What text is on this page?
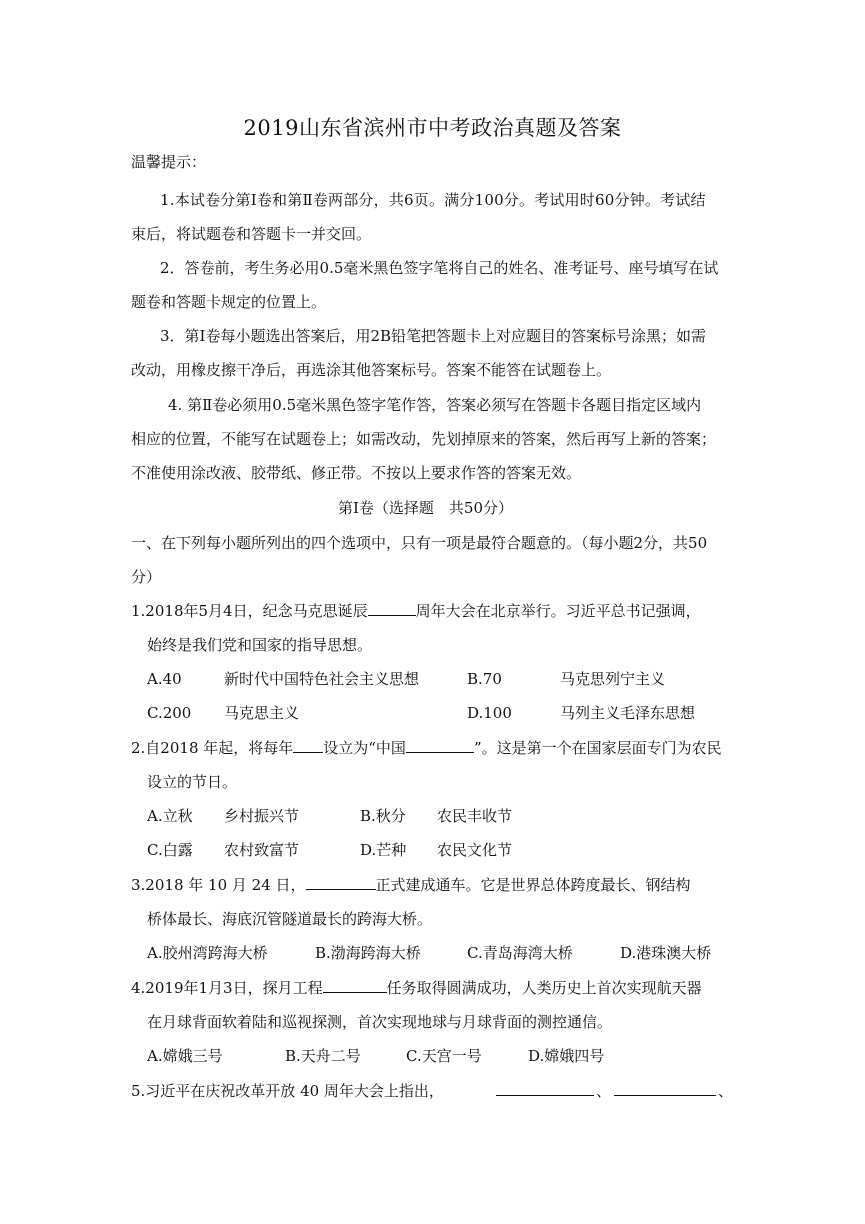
2019山东省滨州市中考政治真题及答案
温馨提示：
1.本试卷分第Ⅰ卷和第Ⅱ卷两部分，共6页。满分100分。考试用时60分钟。考试结
束后，将试题卷和答题卡一并交回。
2．答卷前，考生务必用0.5毫米黑色签字笔将自己的姓名、准考证号、座号填写在试
题卷和答题卡规定的位置上。
3．第Ⅰ卷每小题选出答案后，用2B铅笔把答题卡上对应题目的答案标号涂黑；如需
改动，用橡皮擦干净后，再选涂其他答案标号。答案不能答在试题卷上。
4. 第Ⅱ卷必须用0.5毫米黑色签字笔作答，答案必须写在答题卡各题目指定区域内
相应的位置，不能写在试题卷上；如需改动，先划掉原来的答案，然后再写上新的答案；
不准使用涂改液、胶带纸、修正带。不按以上要求作答的答案无效。
第Ⅰ卷（选择题　共50分）
一、在下列每小题所列出的四个选项中，只有一项是最符合题意的。（每小题2分，共50
分）
1.2018年5月4日，纪念马克思诞辰	周年大会在北京举行。习近平总书记强调，
始终是我们党和国家的指导思想。
A.40	新时代中国特色社会主义思想	B.70	马克思列宁主义
C.200 马克思主义	D.100	马列主义毛泽东思想
2.自2018 年起，将每年 设立为“中国	”。这是第一个在国家层面专门为农民
设立的节日。
A.立秋 乡村振兴节	B.秋分 农民丰收节
C.白露 农村致富节	D.芒种 农民文化节
3.2018 年 10 月 24 日，	正式建成通车。它是世界总体跨度最长、钢结构
桥体最长、海底沉管隧道最长的跨海大桥。
A.胶州湾跨海大桥	B.渤海跨海大桥	C.青岛海湾大桥	D.港珠澳大桥
4.2019年1月3日，探月工程	任务取得圆满成功，人类历史上首次实现航天器
在月球背面软着陆和巡视探测，首次实现地球与月球背面的测控通信。
A.嫦娥三号	B.天舟二号	C.天宫一号	D.嫦娥四号
5.习近平在庆祝改革开放 40 周年大会上指出，	、	、
